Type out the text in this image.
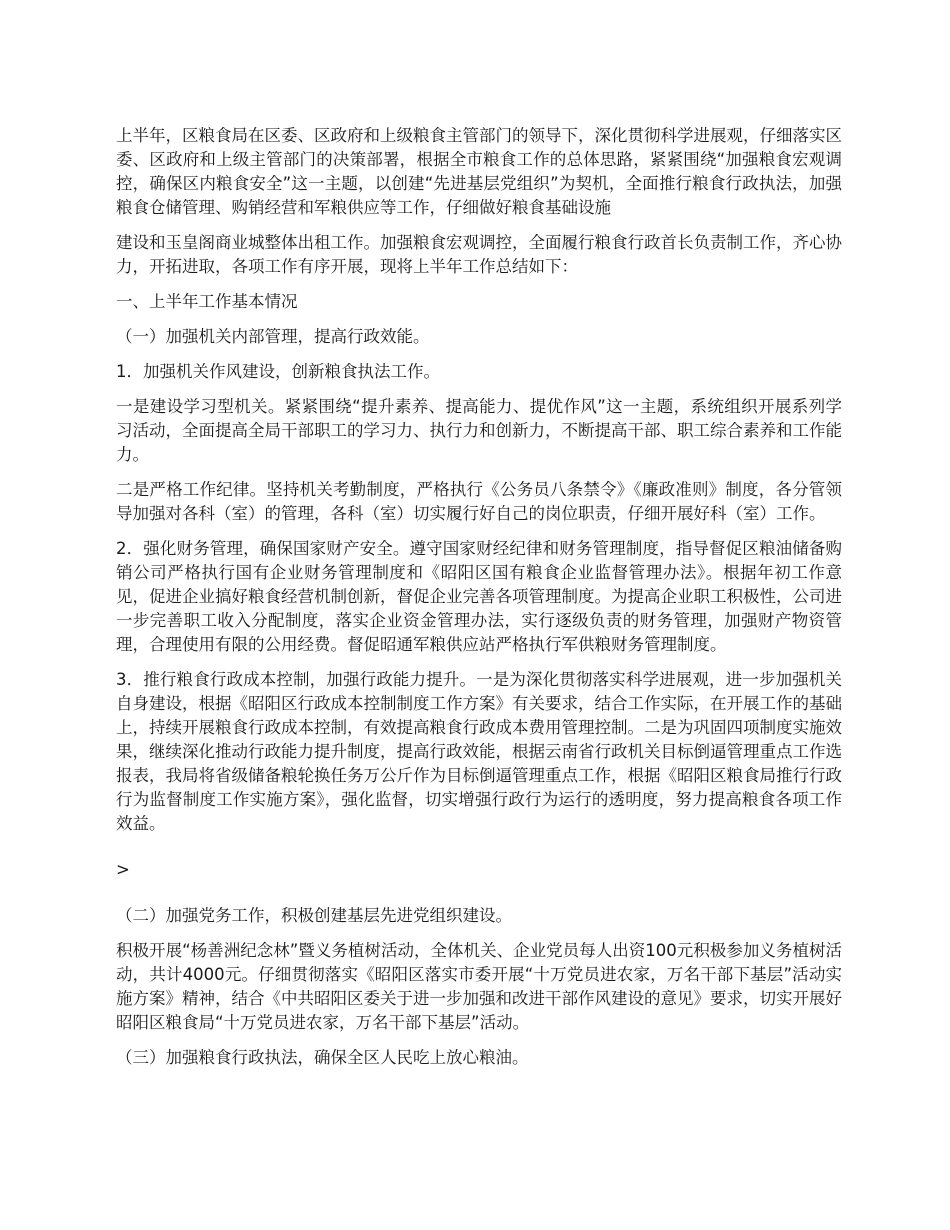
上半年，区粮食局在区委、区政府和上级粮食主管部门的领导下，深化贯彻科学进展观，仔细落实区委、区政府和上级主管部门的决策部署，根据全市粮食工作的总体思路，紧紧围绕“加强粮食宏观调控，确保区内粮食安全”这一主题，以创建“先进基层党组织”为契机，全面推行粮食行政执法，加强粮食仓储管理、购销经营和军粮供应等工作，仔细做好粮食基础设施

建设和玉皇阁商业城整体出租工作。加强粮食宏观调控，全面履行粮食行政首长负责制工作，齐心协力，开拓进取，各项工作有序开展，现将上半年工作总结如下：

一、上半年工作基本情况

（一）加强机关内部管理，提高行政效能。

1．加强机关作风建设，创新粮食执法工作。

一是建设学习型机关。紧紧围绕“提升素养、提高能力、提优作风”这一主题，系统组织开展系列学习活动，全面提高全局干部职工的学习力、执行力和创新力，不断提高干部、职工综合素养和工作能力。

二是严格工作纪律。坚持机关考勤制度，严格执行《公务员八条禁令》《廉政准则》制度，各分管领导加强对各科（室）的管理，各科（室）切实履行好自己的岗位职责，仔细开展好科（室）工作。

2．强化财务管理，确保国家财产安全。遵守国家财经纪律和财务管理制度，指导督促区粮油储备购销公司严格执行国有企业财务管理制度和《昭阳区国有粮食企业监督管理办法》。根据年初工作意见，促进企业搞好粮食经营机制创新，督促企业完善各项管理制度。为提高企业职工积极性，公司进一步完善职工收入分配制度，落实企业资金管理办法，实行逐级负责的财务管理，加强财产物资管理，合理使用有限的公用经费。督促昭通军粮供应站严格执行军供粮财务管理制度。

3．推行粮食行政成本控制，加强行政能力提升。一是为深化贯彻落实科学进展观，进一步加强机关自身建设，根据《昭阳区行政成本控制制度工作方案》有关要求，结合工作实际，在开展工作的基础上，持续开展粮食行政成本控制，有效提高粮食行政成本费用管理控制。二是为巩固四项制度实施效果，继续深化推动行政能力提升制度，提高行政效能，根据云南省行政机关目标倒逼管理重点工作选报表，我局将省级储备粮轮换任务万公斤作为目标倒逼管理重点工作，根据《昭阳区粮食局推行行政行为监督制度工作实施方案》，强化监督，切实增强行政行为运行的透明度，努力提高粮食各项工作效益。

>

（二）加强党务工作，积极创建基层先进党组织建设。

积极开展“杨善洲纪念林”暨义务植树活动，全体机关、企业党员每人出资100元积极参加义务植树活动，共计4000元。仔细贯彻落实《昭阳区落实市委开展“十万党员进农家，万名干部下基层”活动实施方案》精神，结合《中共昭阳区委关于进一步加强和改进干部作风建设的意见》要求，切实开展好昭阳区粮食局“十万党员进农家，万名干部下基层”活动。

（三）加强粮食行政执法，确保全区人民吃上放心粮油。
